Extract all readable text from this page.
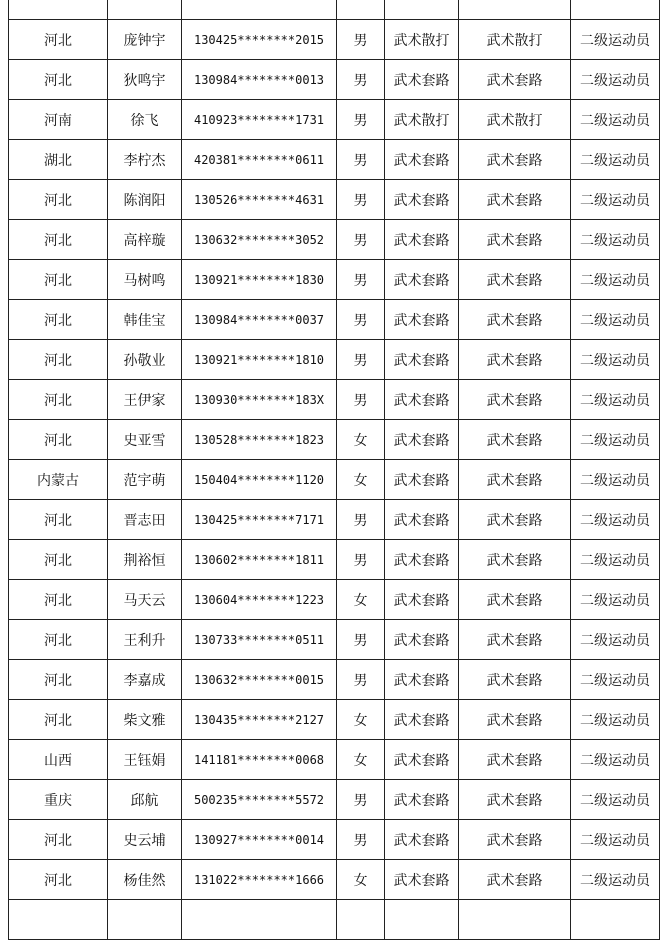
河北	庞钟宇	130425********2015	男	武术散打	武术散打	二级运动员
河北	狄鸣宇	130984********0013	男	武术套路	武术套路	二级运动员
河南	徐飞	410923********1731	男	武术散打	武术散打	二级运动员
湖北	李柠杰	420381********0611	男	武术套路	武术套路	二级运动员
河北	陈润阳	130526********4631	男	武术套路	武术套路	二级运动员
河北	高梓璇	130632********3052	男	武术套路	武术套路	二级运动员
河北	马树鸣	130921********1830	男	武术套路	武术套路	二级运动员
河北	韩佳宝	130984********0037	男	武术套路	武术套路	二级运动员
河北	孙敬业	130921********1810	男	武术套路	武术套路	二级运动员
河北	王伊家	130930********183X	男	武术套路	武术套路	二级运动员
河北	史亚雪	130528********1823	女	武术套路	武术套路	二级运动员
内蒙古	范宇萌	150404********1120	女	武术套路	武术套路	二级运动员
河北	晋志田	130425********7171	男	武术套路	武术套路	二级运动员
河北	荆裕恒	130602********1811	男	武术套路	武术套路	二级运动员
河北	马天云	130604********1223	女	武术套路	武术套路	二级运动员
河北	王利升	130733********0511	男	武术套路	武术套路	二级运动员
河北	李嘉成	130632********0015	男	武术套路	武术套路	二级运动员
河北	柴文雅	130435********2127	女	武术套路	武术套路	二级运动员
山西	王钰娟	141181********0068	女	武术套路	武术套路	二级运动员
重庆	邱航	500235********5572	男	武术套路	武术套路	二级运动员
河北	史云埔	130927********0014	男	武术套路	武术套路	二级运动员
河北	杨佳然	131022********1666	女	武术套路	武术套路	二级运动员
